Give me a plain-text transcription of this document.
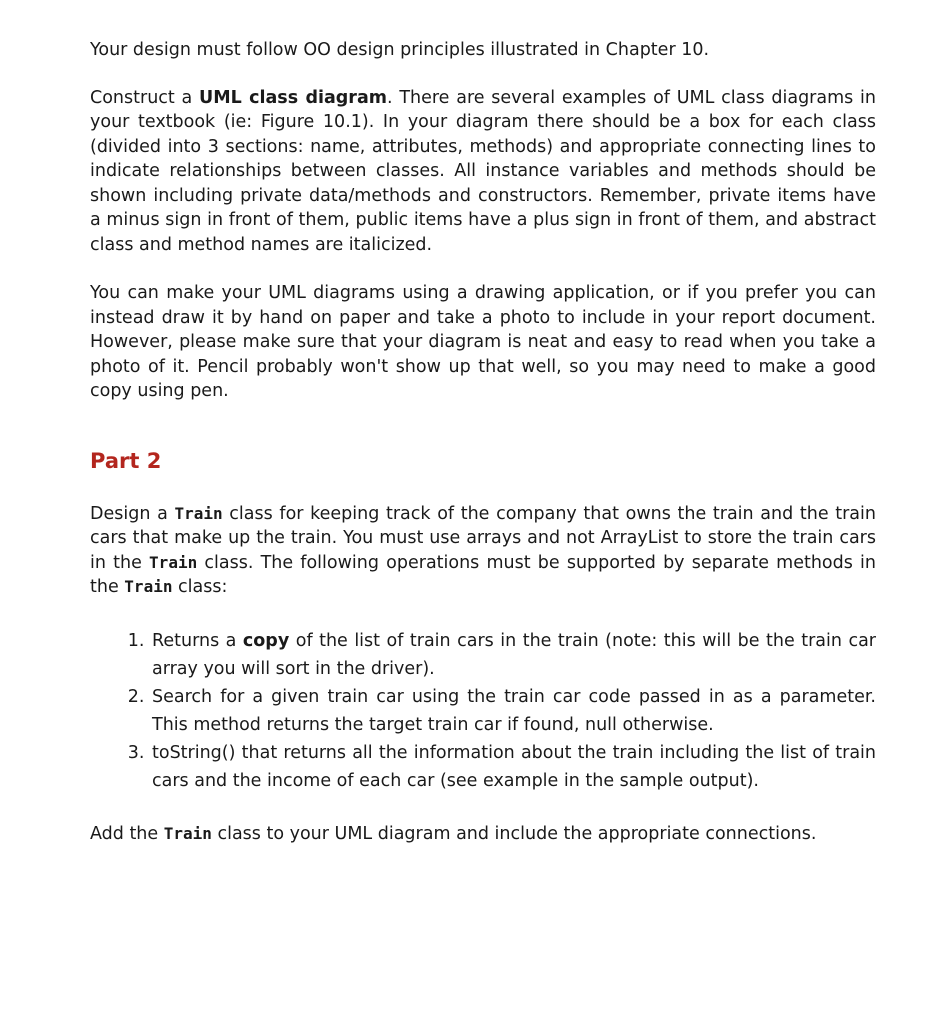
Your design must follow OO design principles illustrated in Chapter 10.

Construct a UML class diagram. There are several examples of UML class diagrams in your textbook (ie: Figure 10.1). In your diagram there should be a box for each class (divided into 3 sections: name, attributes, methods) and appropriate connecting lines to indicate relationships between classes. All instance variables and methods should be shown including private data/methods and constructors. Remember, private items have a minus sign in front of them, public items have a plus sign in front of them, and abstract class and method names are italicized.

You can make your UML diagrams using a drawing application, or if you prefer you can instead draw it by hand on paper and take a photo to include in your report document. However, please make sure that your diagram is neat and easy to read when you take a photo of it. Pencil probably won't show up that well, so you may need to make a good copy using pen.

Part 2

Design a Train class for keeping track of the company that owns the train and the train cars that make up the train. You must use arrays and not ArrayList to store the train cars in the Train class. The following operations must be supported by separate methods in the Train class:

1. Returns a copy of the list of train cars in the train (note: this will be the train car array you will sort in the driver).
2. Search for a given train car using the train car code passed in as a parameter. This method returns the target train car if found, null otherwise.
3. toString() that returns all the information about the train including the list of train cars and the income of each car (see example in the sample output).

Add the Train class to your UML diagram and include the appropriate connections.
